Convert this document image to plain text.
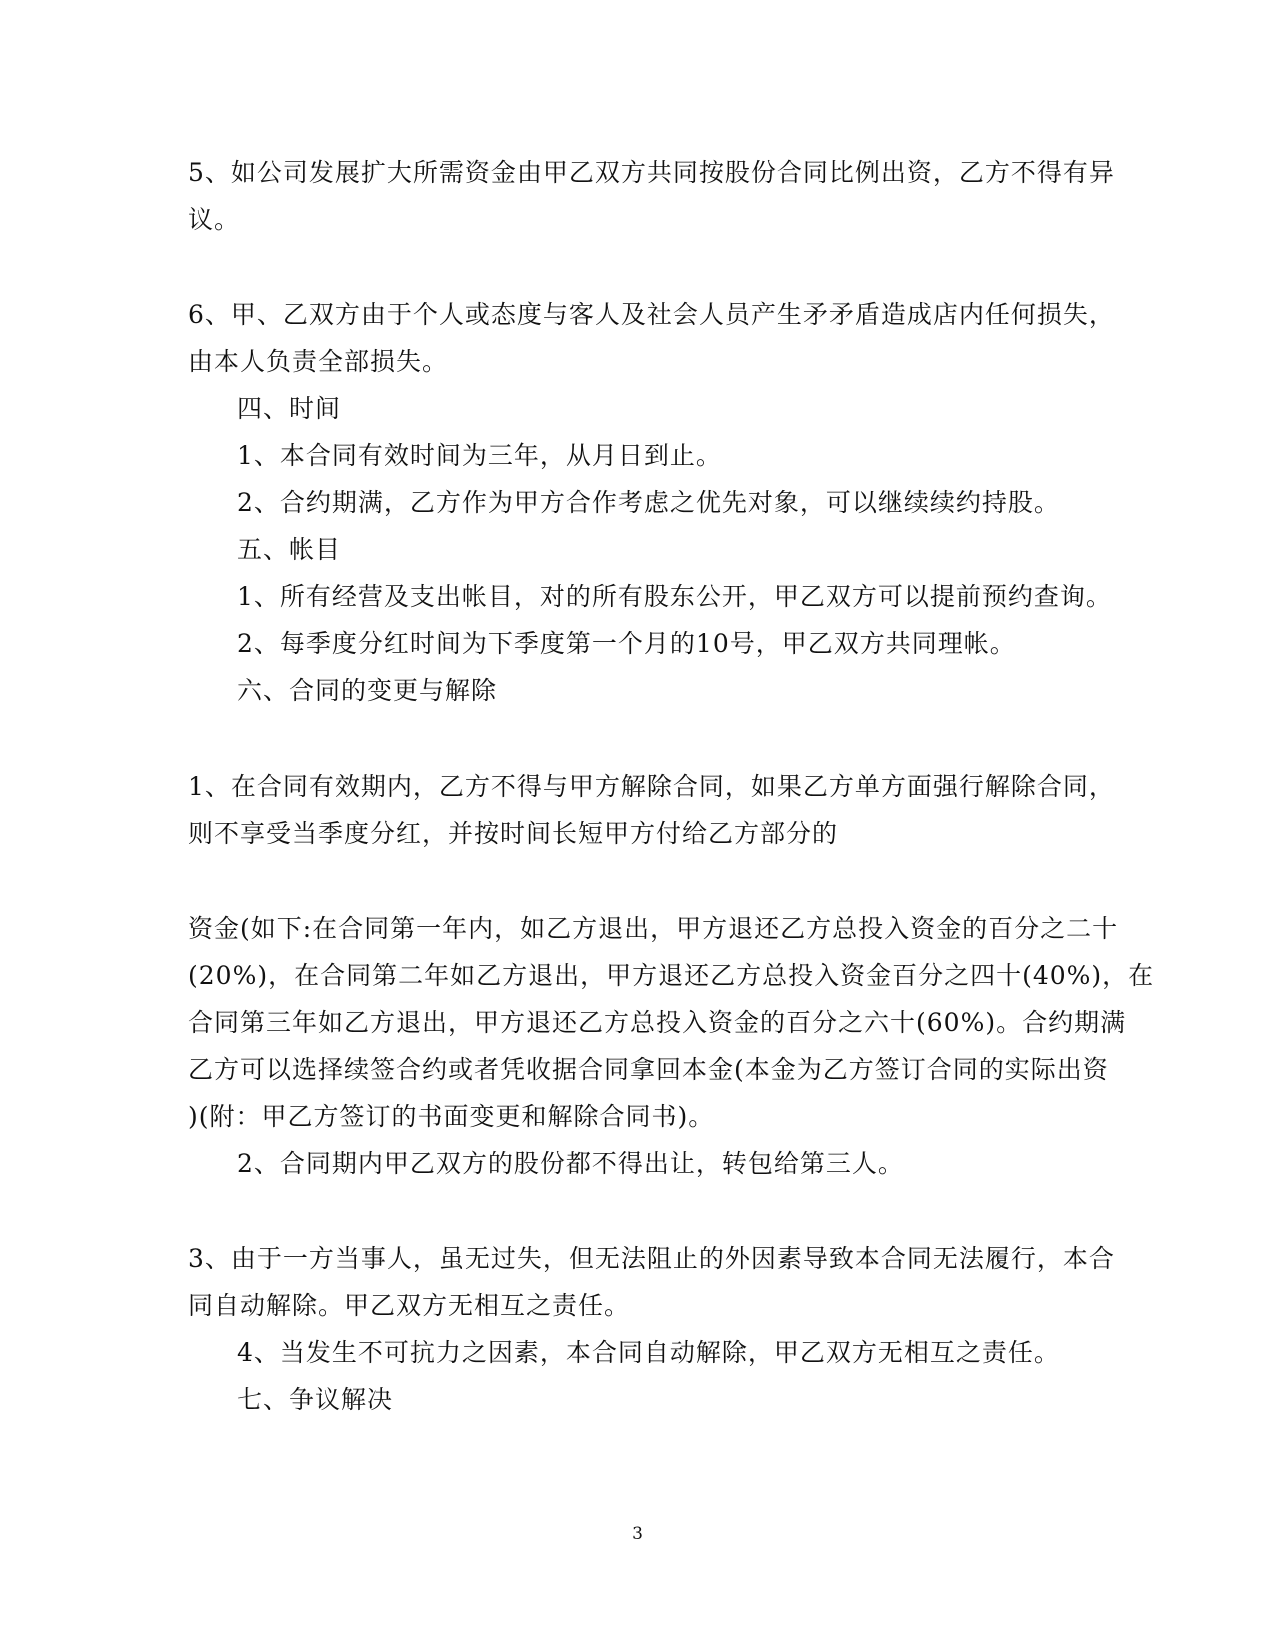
5、如公司发展扩大所需资金由甲乙双方共同按股份合同比例出资，乙方不得有异
议。
6、甲、乙双方由于个人或态度与客人及社会人员产生矛矛盾造成店内任何损失，
由本人负责全部损失。
四、时间
1、本合同有效时间为三年，从月日到止。
2、合约期满，乙方作为甲方合作考虑之优先对象，可以继续续约持股。
五、帐目
1、所有经营及支出帐目，对的所有股东公开，甲乙双方可以提前预约查询。
2、每季度分红时间为下季度第一个月的10号，甲乙双方共同理帐。
六、合同的变更与解除
1、在合同有效期内，乙方不得与甲方解除合同，如果乙方单方面强行解除合同，
则不享受当季度分红，并按时间长短甲方付给乙方部分的
资金(如下:在合同第一年内，如乙方退出，甲方退还乙方总投入资金的百分之二十
(20%)，在合同第二年如乙方退出，甲方退还乙方总投入资金百分之四十(40%)，在
合同第三年如乙方退出，甲方退还乙方总投入资金的百分之六十(60%)。合约期满
乙方可以选择续签合约或者凭收据合同拿回本金(本金为乙方签订合同的实际出资
)(附：甲乙方签订的书面变更和解除合同书)。
2、合同期内甲乙双方的股份都不得出让，转包给第三人。
3、由于一方当事人，虽无过失，但无法阻止的外因素导致本合同无法履行，本合
同自动解除。甲乙双方无相互之责任。
4、当发生不可抗力之因素，本合同自动解除，甲乙双方无相互之责任。
七、争议解决
3
